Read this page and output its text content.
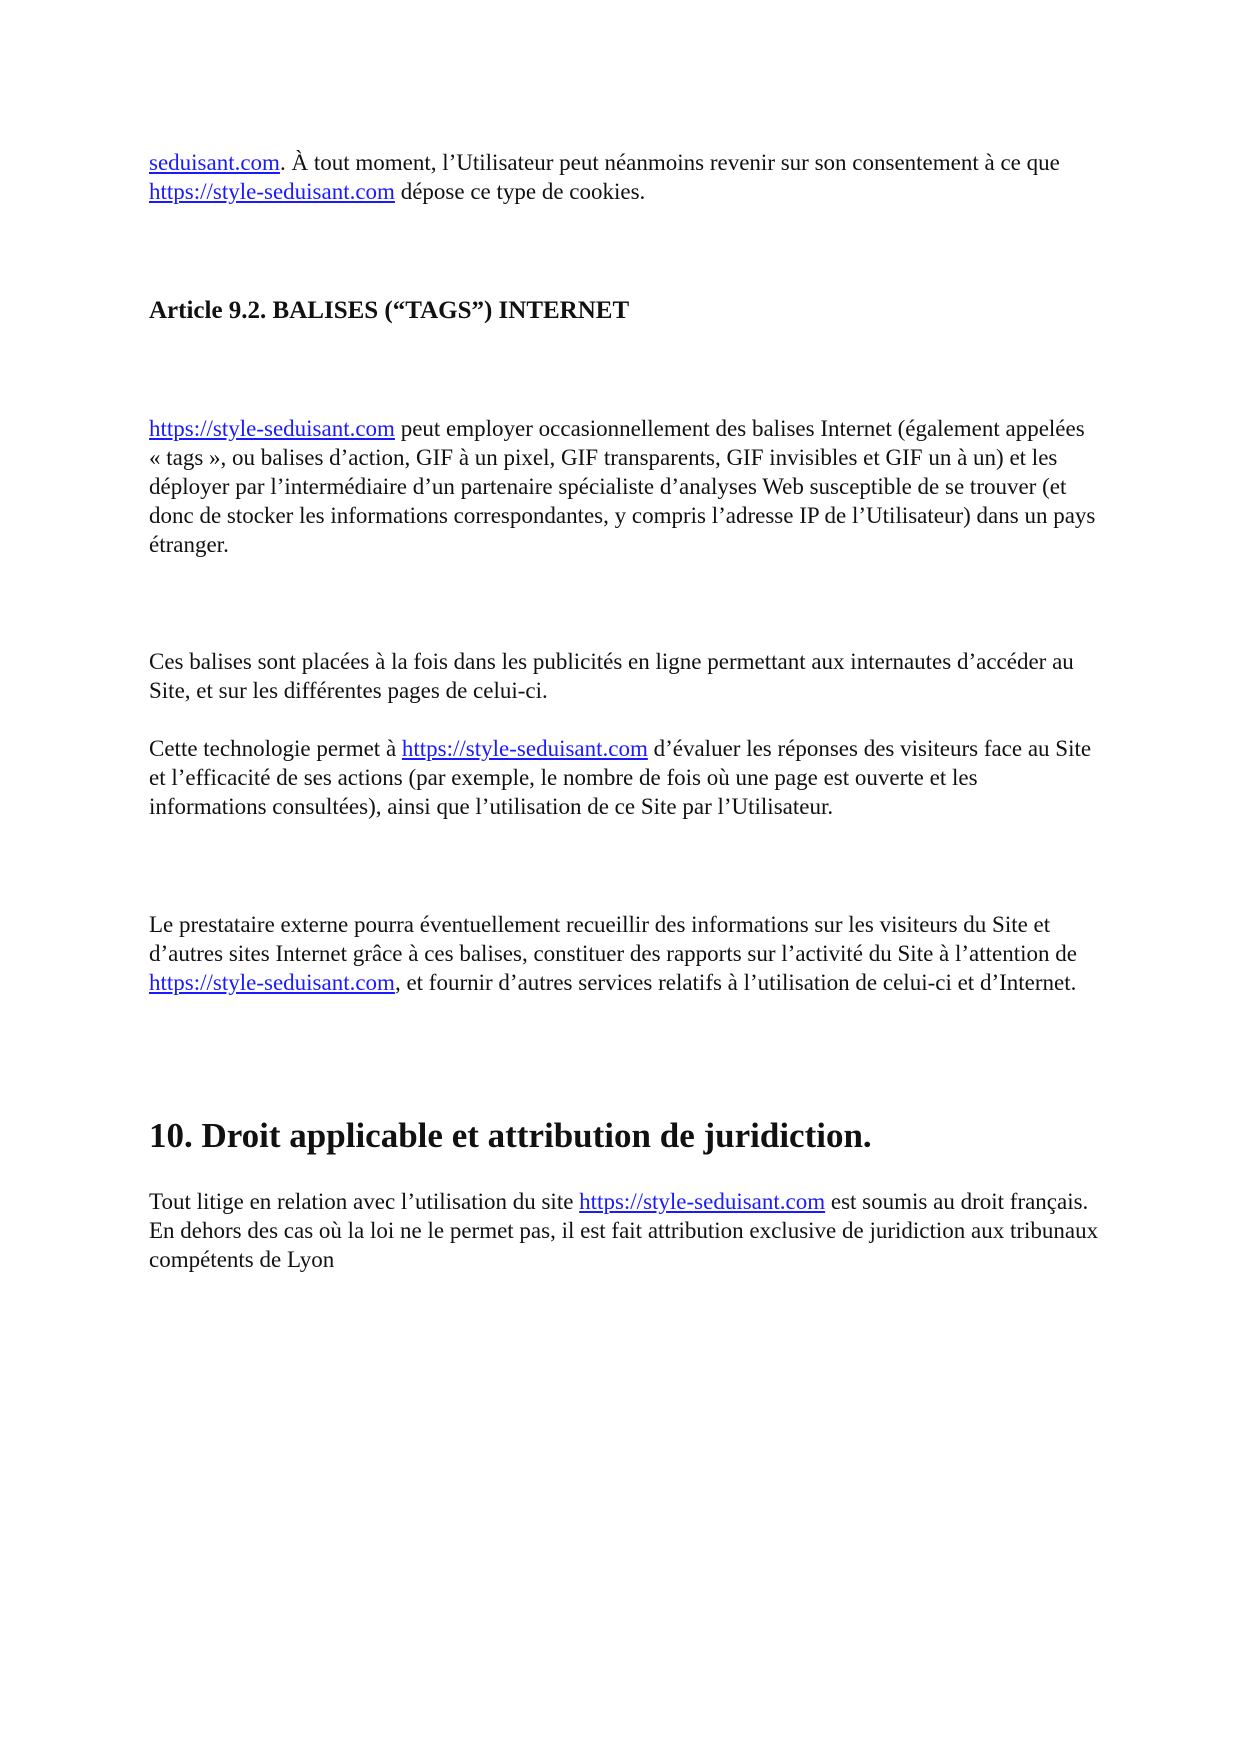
seduisant.com. À tout moment, l’Utilisateur peut néanmoins revenir sur son consentement à ce que https://style-seduisant.com dépose ce type de cookies.

Article 9.2. BALISES (“TAGS”) INTERNET

https://style-seduisant.com peut employer occasionnellement des balises Internet (également appelées « tags », ou balises d’action, GIF à un pixel, GIF transparents, GIF invisibles et GIF un à un) et les déployer par l’intermédiaire d’un partenaire spécialiste d’analyses Web susceptible de se trouver (et donc de stocker les informations correspondantes, y compris l’adresse IP de l’Utilisateur) dans un pays étranger.

Ces balises sont placées à la fois dans les publicités en ligne permettant aux internautes d’accéder au Site, et sur les différentes pages de celui-ci.

Cette technologie permet à https://style-seduisant.com d’évaluer les réponses des visiteurs face au Site et l’efficacité de ses actions (par exemple, le nombre de fois où une page est ouverte et les informations consultées), ainsi que l’utilisation de ce Site par l’Utilisateur.

Le prestataire externe pourra éventuellement recueillir des informations sur les visiteurs du Site et d’autres sites Internet grâce à ces balises, constituer des rapports sur l’activité du Site à l’attention de https://style-seduisant.com, et fournir d’autres services relatifs à l’utilisation de celui-ci et d’Internet.

10. Droit applicable et attribution de juridiction.

Tout litige en relation avec l’utilisation du site https://style-seduisant.com est soumis au droit français. En dehors des cas où la loi ne le permet pas, il est fait attribution exclusive de juridiction aux tribunaux compétents de Lyon
